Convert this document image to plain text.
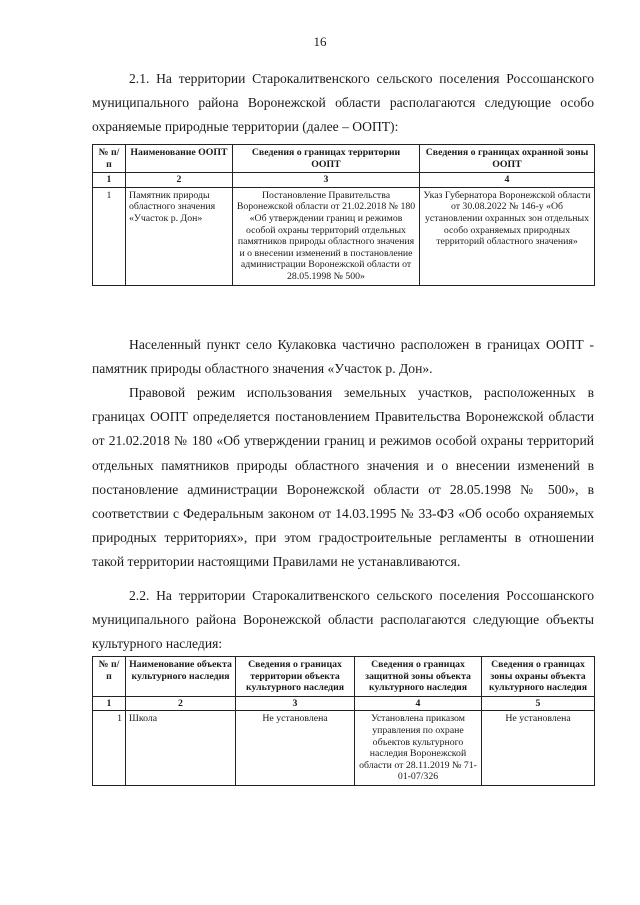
16

2.1. На территории Старокалитвенского сельского поселения Россошанского муниципального района Воронежской области располагаются следующие особо охраняемые природные территории (далее – ООПТ):

№ п/п	Наименование ООПТ	Сведения о границах территории ООПТ	Сведения о границах охранной зоны ООПТ
1	2	3	4
1	Памятник природы областного значения «Участок р. Дон»	Постановление Правительства Воронежской области от 21.02.2018 № 180 «Об утверждении границ и режимов особой охраны территорий отдельных памятников природы областного значения и о внесении изменений в постановление администрации Воронежской области от 28.05.1998 № 500»	Указ Губернатора Воронежской области от 30.08.2022 № 146-у «Об установлении охранных зон отдельных особо охраняемых природных территорий областного значения»

Населенный пункт село Кулаковка частично расположен в границах ООПТ - памятник природы областного значения «Участок р. Дон».

Правовой режим использования земельных участков, расположенных в границах ООПТ определяется постановлением Правительства Воронежской области от 21.02.2018 № 180 «Об утверждении границ и режимов особой охраны территорий отдельных памятников природы областного значения и о внесении изменений в постановление администрации Воронежской области от 28.05.1998 № 500», в соответствии с Федеральным законом от 14.03.1995 № 33-ФЗ «Об особо охраняемых природных территориях», при этом градостроительные регламенты в отношении такой территории настоящими Правилами не устанавливаются.

2.2. На территории Старокалитвенского сельского поселения Россошанского муниципального района Воронежской области располагаются следующие объекты культурного наследия:

№ п/п	Наименование объекта культурного наследия	Сведения о границах территории объекта культурного наследия	Сведения о границах защитной зоны объекта культурного наследия	Сведения о границах зоны охраны объекта культурного наследия
1	2	3	4	5
1	Школа	Не установлена	Установлена приказом управления по охране объектов культурного наследия Воронежской области от 28.11.2019 № 71-01-07/326	Не установлена
